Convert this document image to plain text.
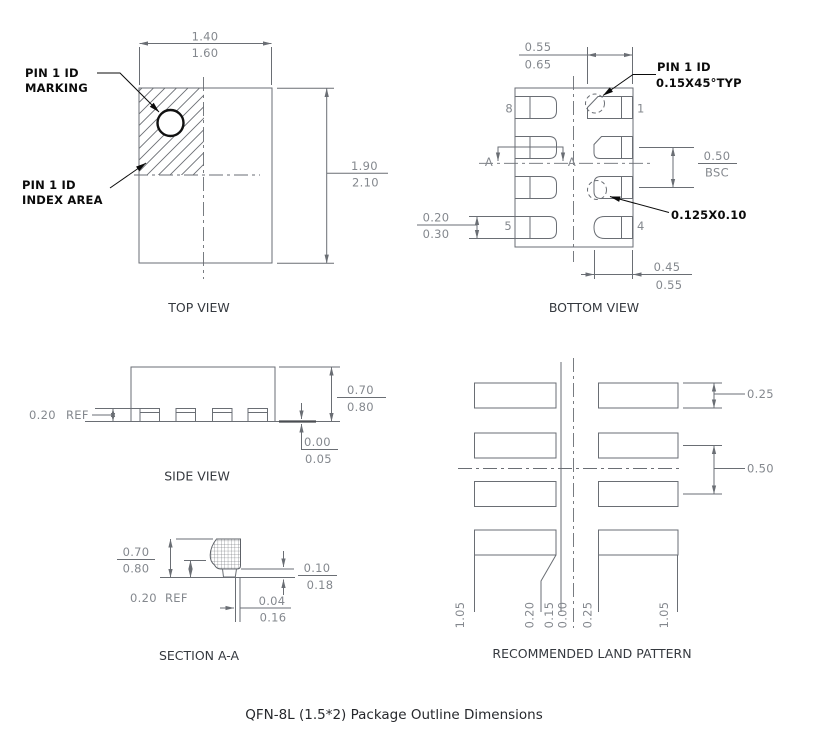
1.40
1.60
1.90
2.10
PIN 1 ID
MARKING
PIN 1 ID
INDEX AREA
TOP VIEW
8	1
5	4
A	A
0.55
0.65	PIN 1 ID
0.15X45°TYP
0.125X0.10
0.50
BSC
0.20
0.30
0.45
0.55
BOTTOM VIEW
0.20 REF
0.70
0.80
0.00
0.05
SIDE VIEW
0.70
0.80
0.20 REF
0.10
0.18
0.04
0.16
SECTION A-A
1.05	0.20 0.15 0.00 0.25	1.05
0.25
0.50
RECOMMENDED LAND PATTERN
QFN-8L (1.5*2) Package Outline Dimensions
